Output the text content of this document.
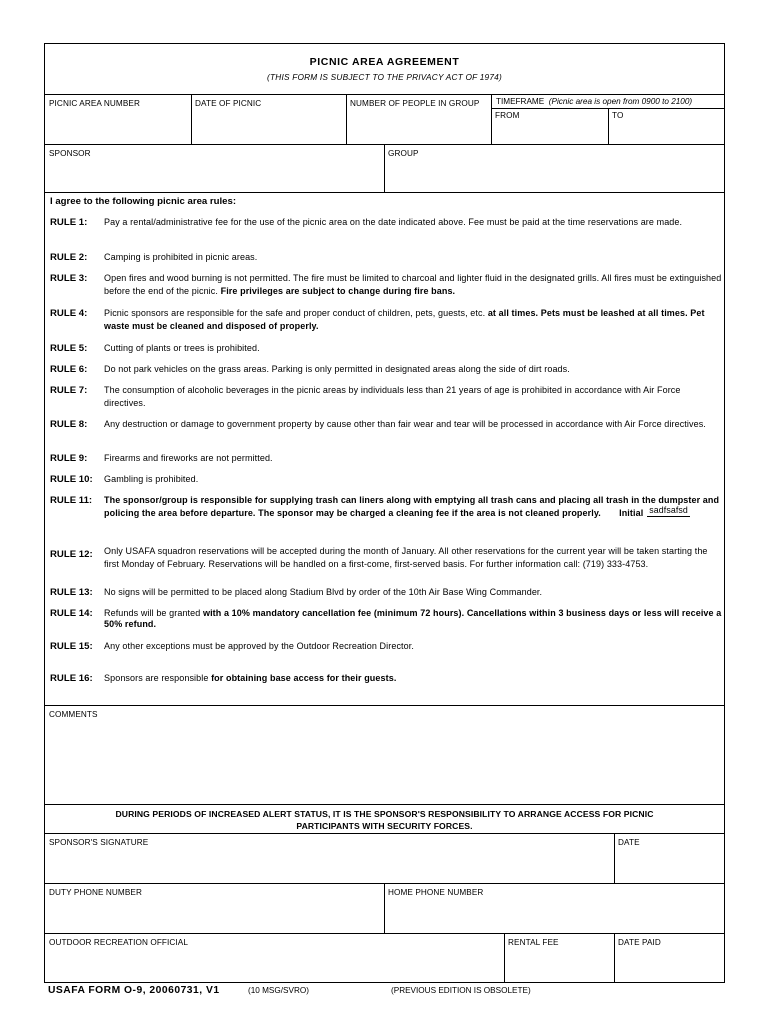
PICNIC AREA AGREEMENT
(THIS FORM IS SUBJECT TO THE PRIVACY ACT OF 1974)
PICNIC AREA NUMBER	DATE OF PICNIC	NUMBER OF PEOPLE IN GROUP TIMEFRAME (Picnic area is open from 0900 to 2100)
FROM	TO
SPONSOR	GROUP
I agree to the following picnic area rules:
RULE 1:	Pay a rental/administrative fee for the use of the picnic area on the date indicated above. Fee must be paid at the time reservations are made.
RULE 2:	Camping is prohibited in picnic areas.
RULE 3:	Open fires and wood burning is not permitted. The fire must be limited to charcoal and lighter fluid in the designated grills. All fires must be extinguished before the end of the picnic. Fire privileges are subject to change during fire bans.
RULE 4:	Picnic sponsors are responsible for the safe and proper conduct of children, pets, guests, etc. at all times. Pets must be leashed at all times. Pet waste must be cleaned and disposed of properly.
RULE 5:	Cutting of plants or trees is prohibited.
RULE 6:	Do not park vehicles on the grass areas. Parking is only permitted in designated areas along the side of dirt roads.
RULE 7:	The consumption of alcoholic beverages in the picnic areas by individuals less than 21 years of age is prohibited in accordance with Air Force directives.
RULE 8:	Any destruction or damage to government property by cause other than fair wear and tear will be processed in accordance with Air Force directives.
RULE 9:	Firearms and fireworks are not permitted.
RULE 10:	Gambling is prohibited.
RULE 11:	The sponsor/group is responsible for supplying trash can liners along with emptying all trash cans and placing all trash in the dumpster and policing the area before departure. The sponsor may be charged a cleaning fee if the area is not cleaned properly. Initial sadfsafsd
RULE 12:	Only USAFA squadron reservations will be accepted during the month of January. All other reservations for the current year will be taken starting the first Monday of February. Reservations will be handled on a first-come, first-served basis. For further information call: (719) 333-4753.
RULE 13:	No signs will be permitted to be placed along Stadium Blvd by order of the 10th Air Base Wing Commander.
RULE 14:	Refunds will be granted with a 10% mandatory cancellation fee (minimum 72 hours). Cancellations within 3 business days or less will receive a 50% refund.
RULE 15:	Any other exceptions must be approved by the Outdoor Recreation Director.
RULE 16:	Sponsors are responsible for obtaining base access for their guests.
COMMENTS

DURING PERIODS OF INCREASED ALERT STATUS, IT IS THE SPONSOR'S RESPONSIBILITY TO ARRANGE ACCESS FOR PICNIC

PARTICIPANTS WITH SECURITY FORCES.

SPONSOR'S SIGNATURE	DATE
DUTY PHONE NUMBER	HOME PHONE NUMBER
OUTDOOR RECREATION OFFICIAL	RENTAL FEE	DATE PAID
USAFA FORM O-9, 20060731, V1	(10 MSG/SVRO)	(PREVIOUS EDITION IS OBSOLETE)
